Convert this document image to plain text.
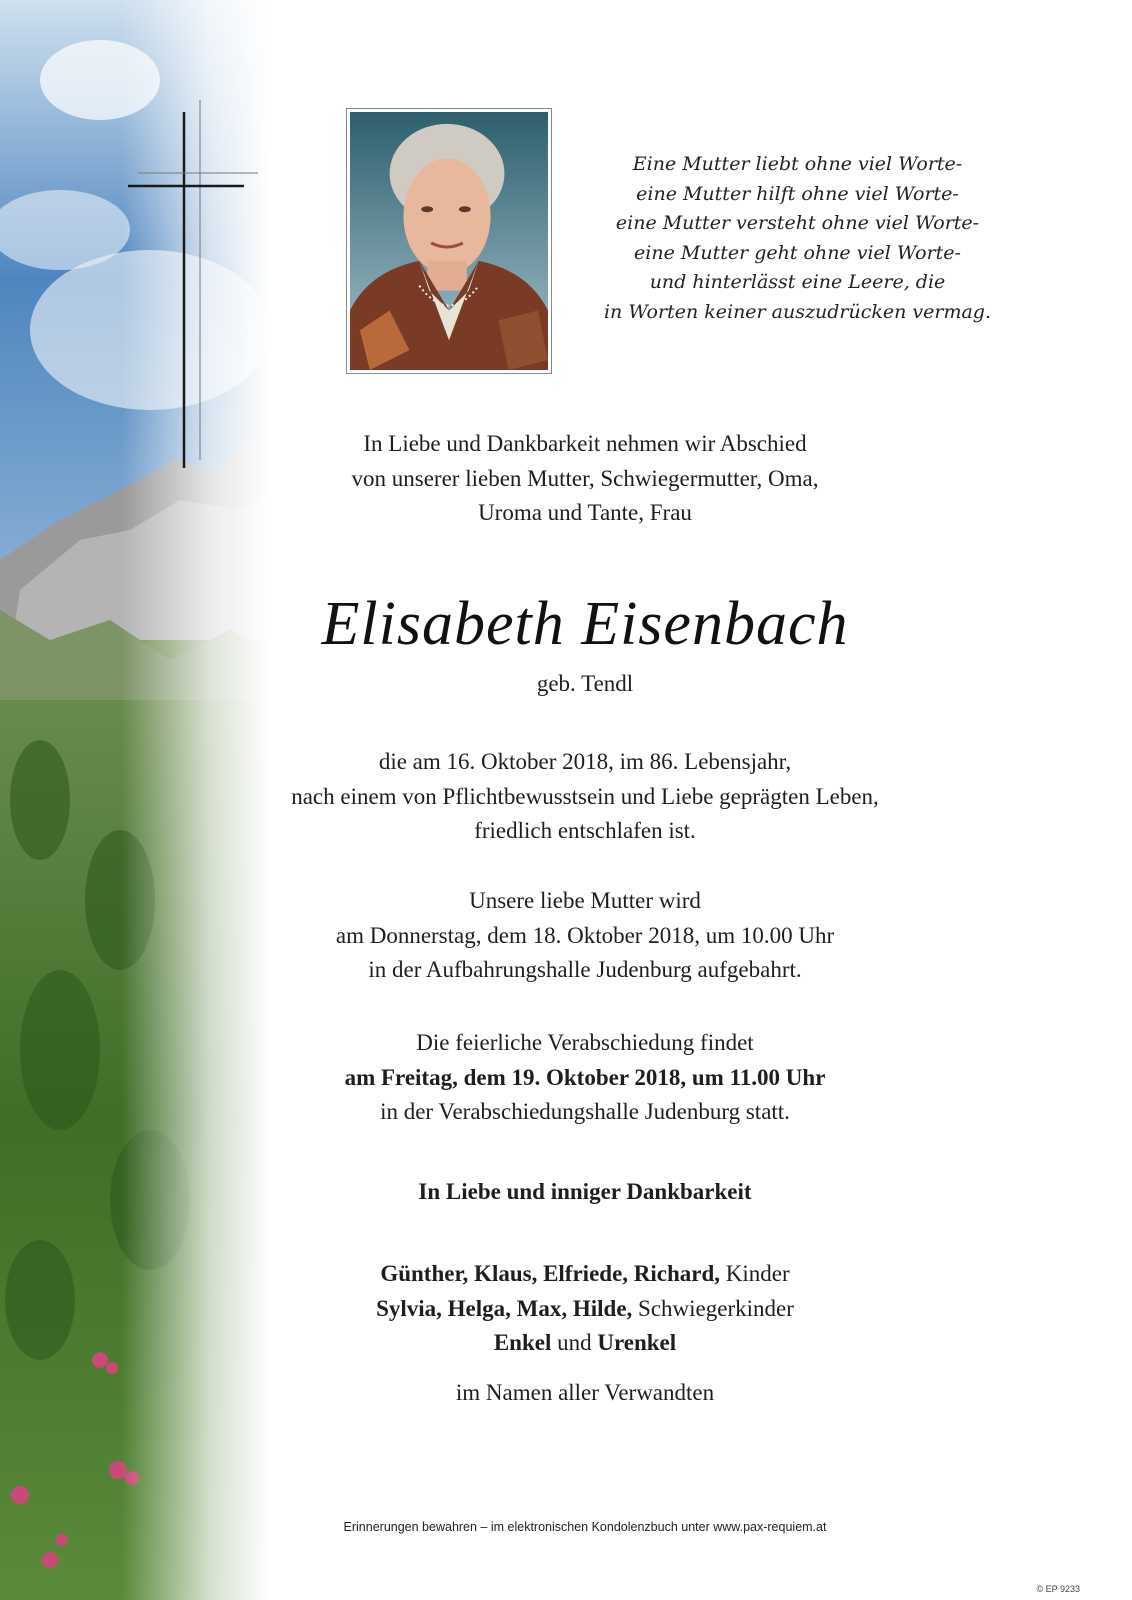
Eine Mutter liebt ohne viel Worte-
eine Mutter hilft ohne viel Worte-
eine Mutter versteht ohne viel Worte-
eine Mutter geht ohne viel Worte-
und hinterlässt eine Leere, die
in Worten keiner auszudrücken vermag.
In Liebe und Dankbarkeit nehmen wir Abschied
von unserer lieben Mutter, Schwiegermutter, Oma,
Uroma und Tante, Frau
Elisabeth Eisenbach
geb. Tendl
die am 16. Oktober 2018, im 86. Lebensjahr,
nach einem von Pflichtbewusstsein und Liebe geprägten Leben,
friedlich entschlafen ist.
Unsere liebe Mutter wird
am Donnerstag, dem 18. Oktober 2018, um 10.00 Uhr
in der Aufbahrungshalle Judenburg aufgebahrt.
Die feierliche Verabschiedung findet
am Freitag, dem 19. Oktober 2018, um 11.00 Uhr
in der Verabschiedungshalle Judenburg statt.
In Liebe und inniger Dankbarkeit
Günther, Klaus, Elfriede, Richard, Kinder
Sylvia, Helga, Max, Hilde, Schwiegerkinder
Enkel und Urenkel
im Namen aller Verwandten
Erinnerungen bewahren – im elektronischen Kondolenzbuch unter www.pax-requiem.at
© EP 9233
